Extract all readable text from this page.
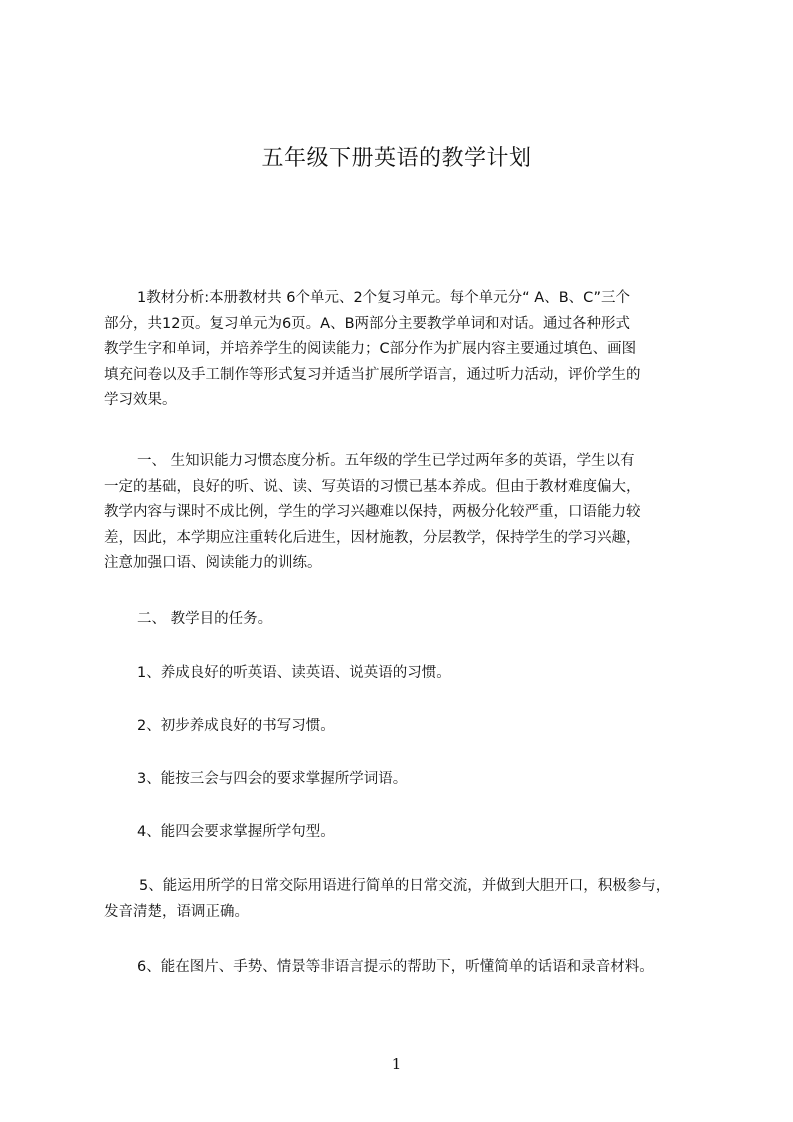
五年级下册英语的教学计划

1教材分析:本册教材共 6个单元、2个复习单元。每个单元分“ A、B、C”三个

部分，共12页。复习单元为6页。A、B两部分主要教学单词和对话。通过各种形式

教学生字和单词，并培养学生的阅读能力；C部分作为扩展内容主要通过填色、画图

填充问卷以及手工制作等形式复习并适当扩展所学语言，通过听力活动，评价学生的

学习效果。

一、 生知识能力习惯态度分析。五年级的学生已学过两年多的英语，学生以有

一定的基础，良好的听、说、读、写英语的习惯已基本养成。但由于教材难度偏大，

教学内容与课时不成比例，学生的学习兴趣难以保持，两极分化较严重，口语能力较

差，因此，本学期应注重转化后进生，因材施教，分层教学，保持学生的学习兴趣，

注意加强口语、阅读能力的训练。

二、 教学目的任务。
1、养成良好的听英语、读英语、说英语的习惯。
2、初步养成良好的书写习惯。
3、能按三会与四会的要求掌握所学词语。
4、能四会要求掌握所学句型。

5、能运用所学的日常交际用语进行简单的日常交流，并做到大胆开口，积极参与，

发音清楚，语调正确。

6、能在图片、手势、情景等非语言提示的帮助下，听懂简单的话语和录音材料。
1
